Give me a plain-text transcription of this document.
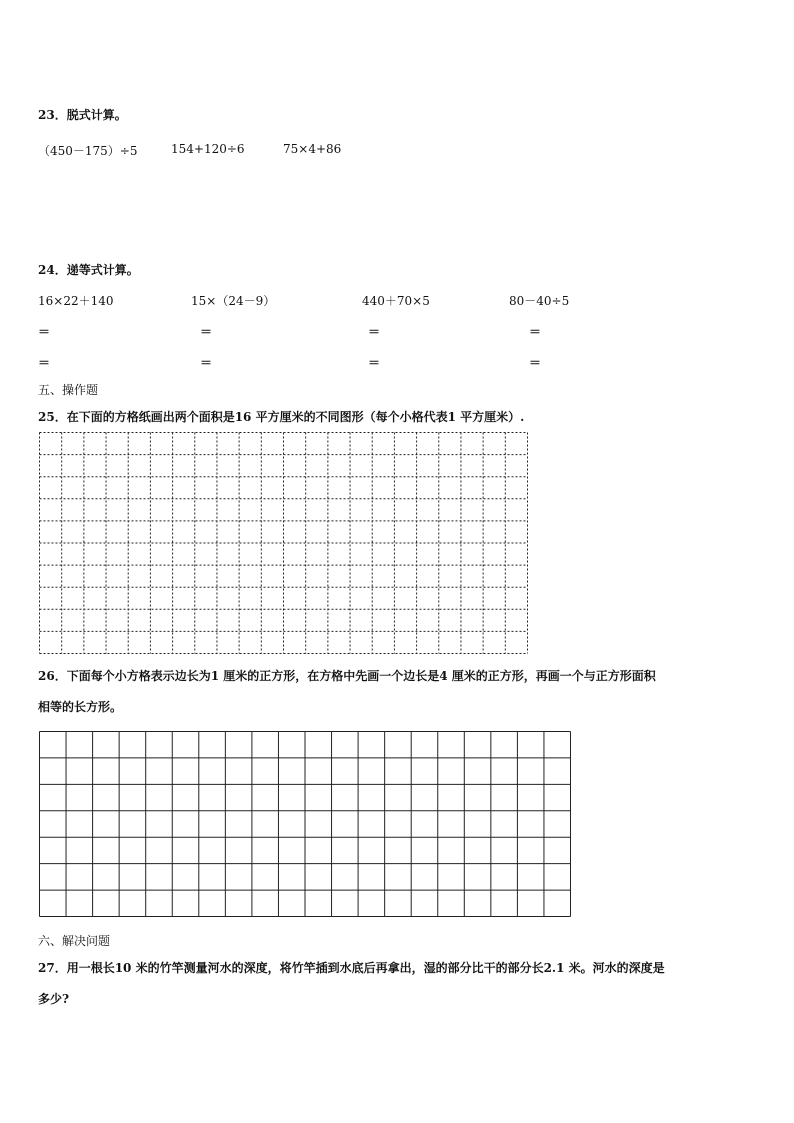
23．脱式计算。
（450－175）÷5	154+120÷6	75×4+86
24．递等式计算。
16×22＋140	15×（24－9）	440＋70×5	80－40÷5
＝	＝	＝	＝
＝	＝	＝	＝
五、操作题
25．在下面的方格纸画出两个面积是16 平方厘米的不同图形（每个小格代表1 平方厘米）.
26．下面每个小方格表示边长为1 厘米的正方形，在方格中先画一个边长是4 厘米的正方形，再画一个与正方形面积
相等的长方形。
六、解决问题
27．用一根长10 米的竹竿测量河水的深度，将竹竿插到水底后再拿出，湿的部分比干的部分长2.1 米。河水的深度是
多少?
